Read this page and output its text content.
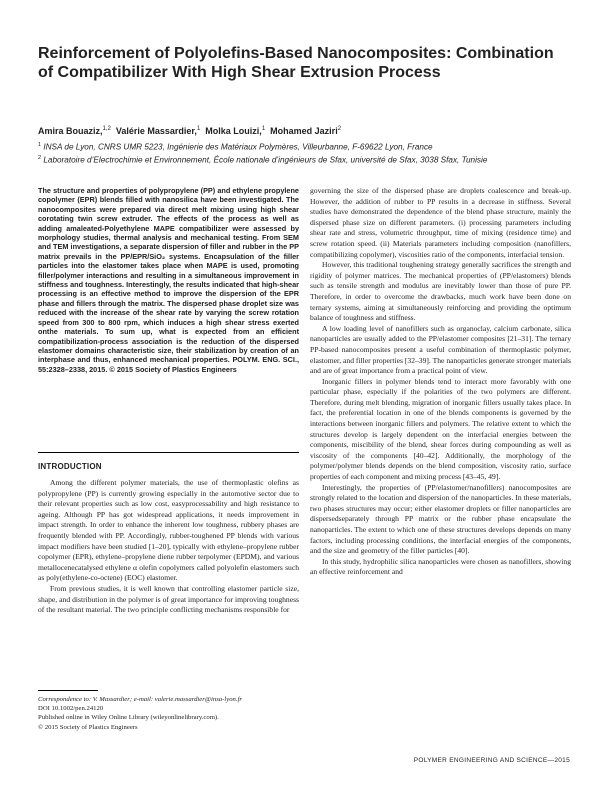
Reinforcement of Polyolefins-Based Nanocomposites: Combination of Compatibilizer With High Shear Extrusion Process
Amira Bouaziz,$^{1,2}$ Valérie Massardier,$^1$ Molka Louizi,$^1$ Mohamed Jaziri$^2$
$^1$ INSA de Lyon, CNRS UMR 5223, Ingénierie des Matériaux Polymères, Villeurbanne, F-69622 Lyon, France
$^2$ Laboratoire d’Electrochimie et Environnement, École nationale d’ingénieurs de Sfax, université de Sfax, 3038 Sfax, Tunisie
The structure and properties of polypropylene (PP) and ethylene propylene copolymer (EPR) blends filled with nanosilica have been investigated. The nanocomposites were prepared via direct melt mixing using high shear corotating twin screw extruder. The effects of the process as well as adding amaleated-Polyethylene MAPE compatibilizer were assessed by morphology studies, thermal analysis and mechanical testing. From SEM and TEM investigations, a separate dispersion of filler and rubber in the PP matrix prevails in the PP/EPR/SiO₂ systems. Encapsulation of the filler particles into the elastomer takes place when MAPE is used, promoting filler/polymer interactions and resulting in a simultaneous improvement in stiffness and toughness. Interestingly, the results indicated that high-shear processing is an effective method to improve the dispersion of the EPR phase and fillers through the matrix. The dispersed phase droplet size was reduced with the increase of the shear rate by varying the screw rotation speed from 300 to 800 rpm, which induces a high shear stress exerted onthe materials. To sum up, what is expected from an efficient compatibilization-process association is the reduction of the dispersed elastomer domains characteristic size, their stabilization by creation of an interphase and thus, enhanced mechanical properties. POLYM. ENG. SCI., 55:2328–2338, 2015. © 2015 Society of Plastics Engineers
INTRODUCTION

Among the different polymer materials, the use of thermoplastic olefins as polypropylene (PP) is currently growing especially in the automotive sector due to their relevant properties such as low cost, easyprocessability and high resistance to ageing. Although PP has got widespread applications, it needs improvement in impact strength. In order to enhance the inherent low toughness, rubbery phases are frequently blended with PP. Accordingly, rubber-toughened PP blends with various impact modifiers have been studied [1–20], typically with ethylene–propylene rubber copolymer (EPR), ethylene–propylene diene rubber terpolymer (EPDM), and various metallocenecatalysed ethylene α olefin copolymers called polyolefin elastomers such as poly(ethylene-co-octene) (EOC) elastomer.

From previous studies, it is well known that controlling elastomer particle size, shape, and distribution in the polymer is of great importance for improving toughness of the resultant material. The two principle conflicting mechanisms responsible for

Correspondence to: V. Massardier; e-mail: valerie.massardier@insa-lyon.fr
DOI 10.1002/pen.24120
Published online in Wiley Online Library (wileyonlinelibrary.com).
© 2015 Society of Plastics Engineers

governing the size of the dispersed phase are droplets coalescence and break-up. However, the addition of rubber to PP results in a decrease in stiffness. Several studies have demonstrated the dependence of the blend phase structure, mainly the dispersed phase size on different parameters. (i) processing parameters including shear rate and stress, volumetric throughput, time of mixing (residence time) and screw rotation speed. (ii) Materials parameters including composition (nanofillers, compatibilizing copolymer), viscosities ratio of the components, interfacial tension.

However, this traditional toughening strategy generally sacrifices the strength and rigidity of polymer matrices. The mechanical properties of (PP/elastomers) blends such as tensile strength and modulus are inevitably lower than those of pure PP. Therefore, in order to overcome the drawbacks, much work have been done on ternary systems, aiming at simultaneously reinforcing and providing the optimum balance of toughness and stiffness.

A low loading level of nanofillers such as organoclay, calcium carbonate, silica nanoparticles are usually added to the PP/elastomer composites [21–31]. The ternary PP-based nanocomposites present a useful combination of thermoplastic polymer, elastomer, and filler properties [32–39]. The nanoparticles generate stronger materials and are of great importance from a practical point of view.

Inorganic fillers in polymer blends tend to interact more favorably with one particular phase, especially if the polarities of the two polymers are different. Therefore, during melt blending, migration of inorganic fillers usually takes place. In fact, the preferential location in one of the blends components is governed by the interactions between inorganic fillers and polymers. The relative extent to which the structures develop is largely dependent on the interfacial energies between the components, miscibility of the blend, shear forces during compounding as well as viscosity of the components [40–42]. Additionally, the morphology of the polymer/polymer blends depends on the blend composition, viscosity ratio, surface properties of each component and mixing process [43–45, 49].

Interestingly, the properties of (PP/elastomer/nanofillers) nanocomposites are strongly related to the location and dispersion of the nanoparticles. In these materials, two phases structures may occur; either elastomer droplets or filler nanoparticles are dispersedseparately through PP matrix or the rubber phase encapsulate the nanoparticles. The extent to which one of these structures develops depends on many factors, including processing conditions, the interfacial energies of the components, and the size and geometry of the filler particles [40].

In this study, hydrophilic silica nanoparticles were chosen as nanofillers, showing an effective reinforcement and

POLYMER ENGINEERING AND SCIENCE—2015
